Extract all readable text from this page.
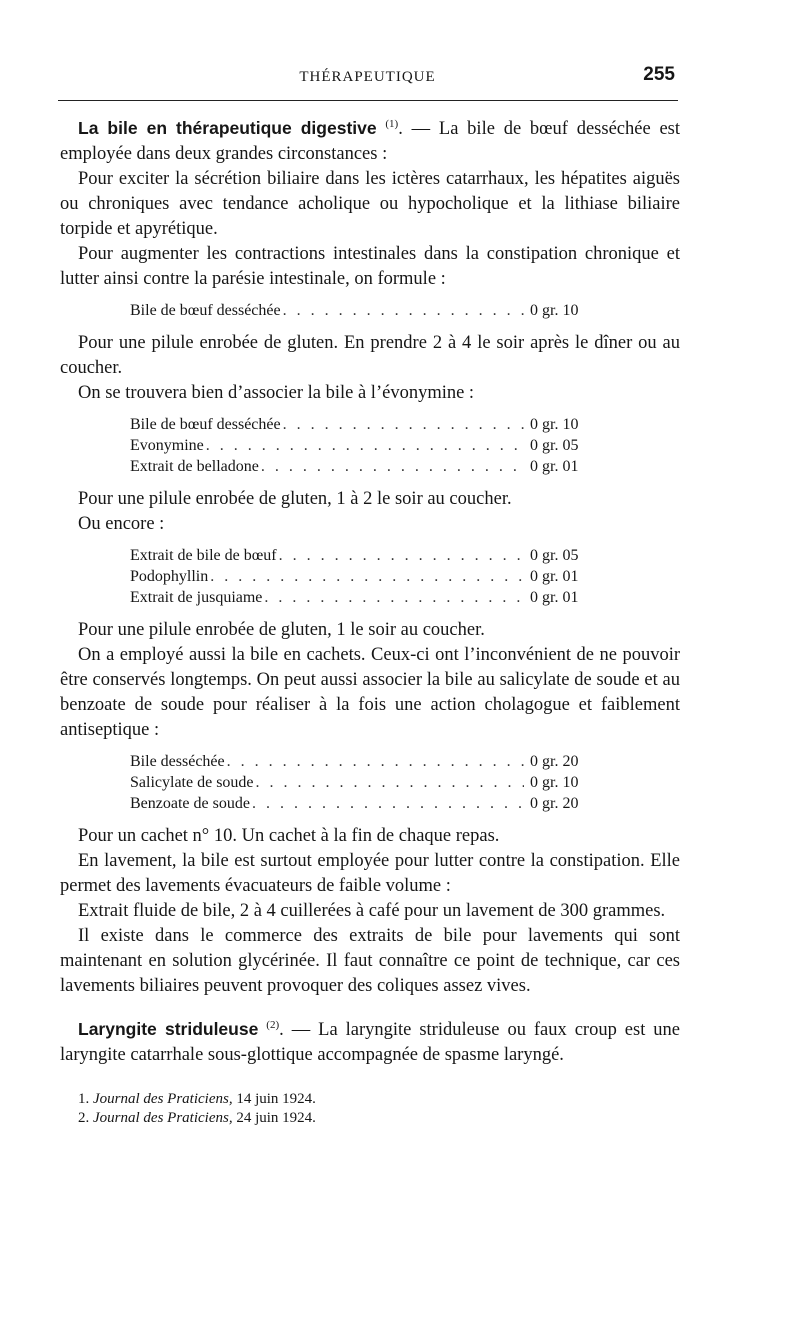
THÉRAPEUTIQUE	255

La bile en thérapeutique digestive $^{(1)}$. — La bile de bœuf desséchée est employée dans deux grandes circonstances :

Pour exciter la sécrétion biliaire dans les ictères catarrhaux, les hépatites aiguës ou chroniques avec tendance acholique ou hypocholique et la lithiase biliaire torpide et apyrétique.

Pour augmenter les contractions intestinales dans la constipation chronique et lutter ainsi contre la parésie intestinale, on formule :

Bile de bœuf desséchée . . .	0 gr. 10

Pour une pilule enrobée de gluten. En prendre 2 à 4 le soir après le dîner ou au coucher.

On se trouvera bien d’associer la bile à l’évonymine :

Bile de bœuf desséchée . . .	0 gr. 10
Evonymine . . .	0 gr. 05
Extrait de belladone . . .	0 gr. 01

Pour une pilule enrobée de gluten, 1 à 2 le soir au coucher.

Ou encore :

Extrait de bile de bœuf . . .	0 gr. 05
Podophyllin . . .	0 gr. 01
Extrait de jusquiame . . .	0 gr. 01

Pour une pilule enrobée de gluten, 1 le soir au coucher.

On a employé aussi la bile en cachets. Ceux-ci ont l’inconvénient de ne pouvoir être conservés longtemps. On peut aussi associer la bile au salicylate de soude et au benzoate de soude pour réaliser à la fois une action cholagogue et faiblement antiseptique :

Bile desséchée . . .	0 gr. 20
Salicylate de soude . . .	0 gr. 10
Benzoate de soude . . .	0 gr. 20

Pour un cachet n° 10. Un cachet à la fin de chaque repas.

En lavement, la bile est surtout employée pour lutter contre la constipation. Elle permet des lavements évacuateurs de faible volume :

Extrait fluide de bile, 2 à 4 cuillerées à café pour un lavement de 300 grammes.

Il existe dans le commerce des extraits de bile pour lavements qui sont maintenant en solution glycérinée. Il faut connaître ce point de technique, car ces lavements biliaires peuvent provoquer des coliques assez vives.

Laryngite striduleuse $^{(2)}$. — La laryngite striduleuse ou faux croup est une laryngite catarrhale sous-glottique accompagnée de spasme laryngé.

1. Journal des Praticiens, 14 juin 1924.
2. Journal des Praticiens, 24 juin 1924.
